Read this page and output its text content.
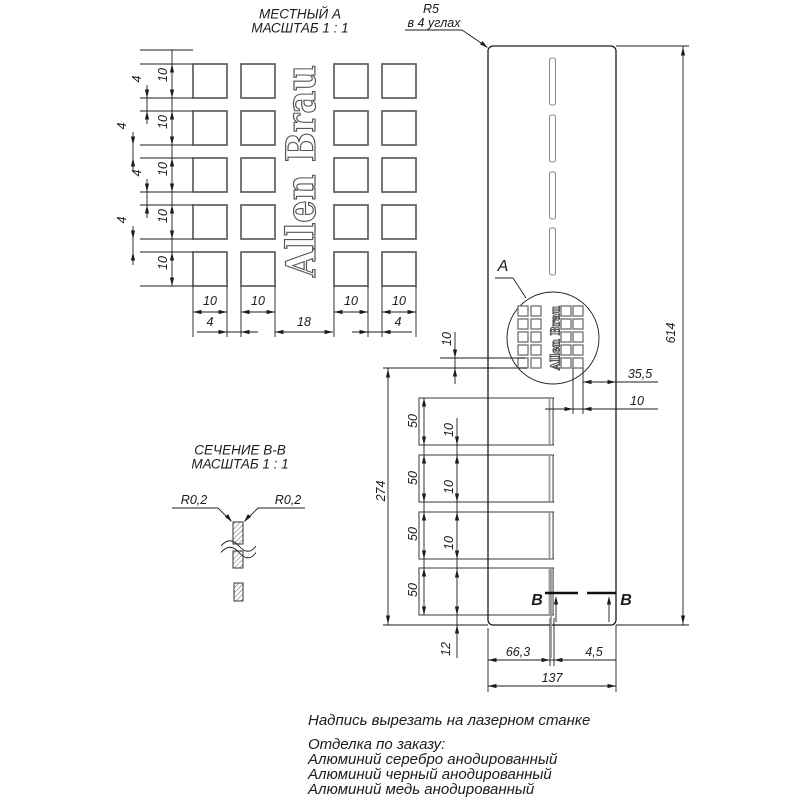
Allen Brau
Allen Brau
МЕСТНЫЙ А
МАСШТАБ 1 : 1
СЕЧЕНИЕ В-В
МАСШТАБ 1 : 1
R5
в 4 углах
А
В	В
R0,2	R0,2
614
35,5
10
10
274
50
50
50
50
10
10
10
12	66,3	4,5
137
10
10
10
10
10
4
4
4
4
10	10	10	10
4	18	4
Надпись вырезать на лазерном станке
Отделка по заказу:
Алюминий серебро анодированный
Алюминий черный анодированный
Алюминий медь анодированный
